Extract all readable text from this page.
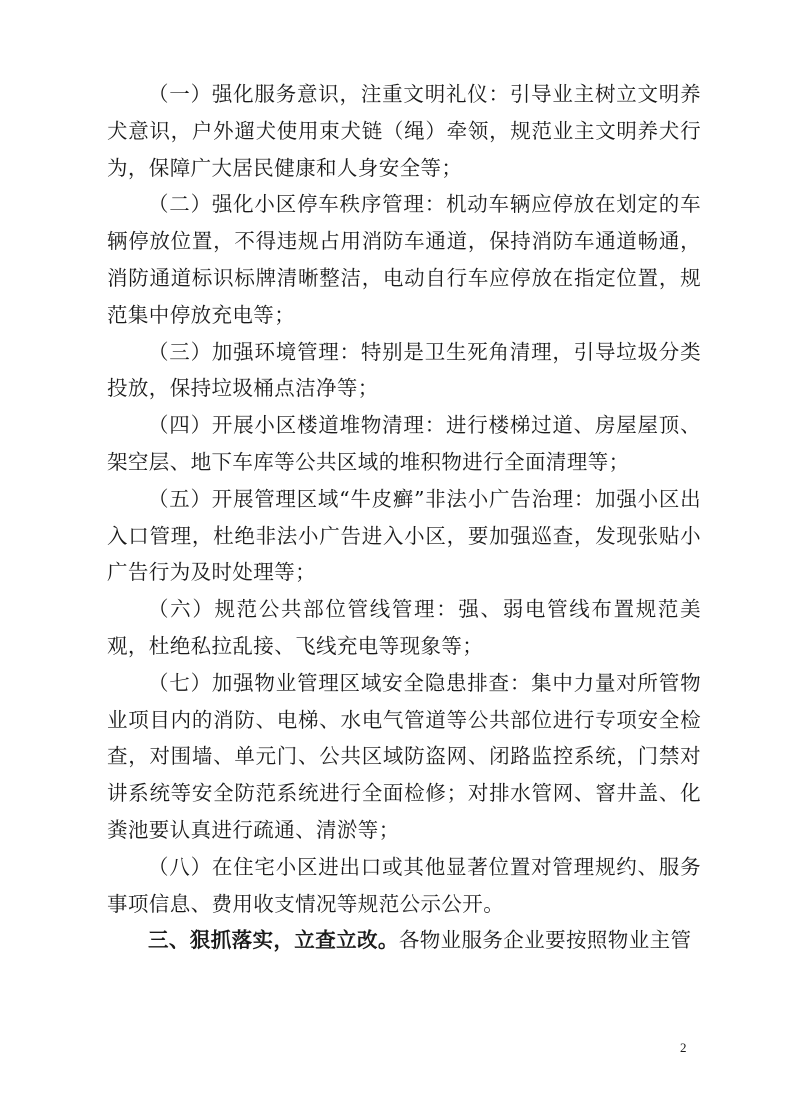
（一）强化服务意识，注重文明礼仪：引导业主树立文明养犬意识，户外遛犬使用束犬链（绳）牵领，规范业主文明养犬行为，保障广大居民健康和人身安全等；

（二）强化小区停车秩序管理：机动车辆应停放在划定的车辆停放位置，不得违规占用消防车通道，保持消防车通道畅通，消防通道标识标牌清晰整洁，电动自行车应停放在指定位置，规范集中停放充电等；

（三）加强环境管理：特别是卫生死角清理，引导垃圾分类投放，保持垃圾桶点洁净等；

（四）开展小区楼道堆物清理：进行楼梯过道、房屋屋顶、架空层、地下车库等公共区域的堆积物进行全面清理等；

（五）开展管理区域“牛皮癣”非法小广告治理：加强小区出入口管理，杜绝非法小广告进入小区，要加强巡查，发现张贴小广告行为及时处理等；

（六）规范公共部位管线管理：强、弱电管线布置规范美观，杜绝私拉乱接、飞线充电等现象等；

（七）加强物业管理区域安全隐患排查：集中力量对所管物业项目内的消防、电梯、水电气管道等公共部位进行专项安全检查，对围墙、单元门、公共区域防盗网、闭路监控系统，门禁对讲系统等安全防范系统进行全面检修；对排水管网、窨井盖、化粪池要认真进行疏通、清淤等；

（八）在住宅小区进出口或其他显著位置对管理规约、服务事项信息、费用收支情况等规范公示公开。

三、狠抓落实，立查立改。各物业服务企业要按照物业主管

2
